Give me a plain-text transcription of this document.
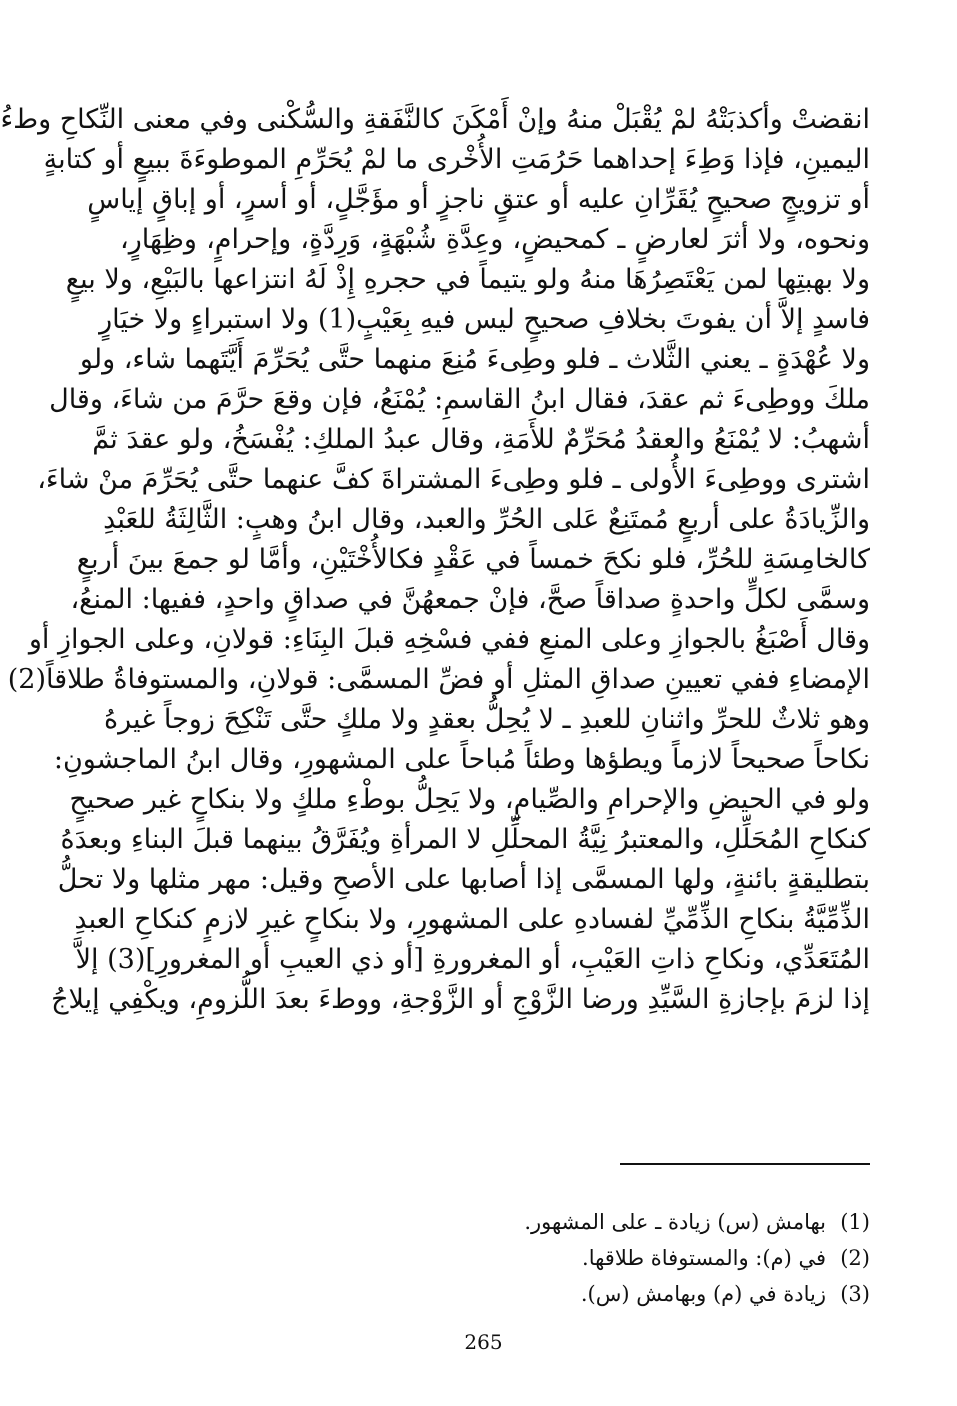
انقضتْ وأكذبَتْهُ لمْ يُقْبَلْ منهُ وإنْ أَمْكَنَ كالنَّفَقةِ والسُّكْنى وفي معنى النِّكاحِ وطءُ
اليمينِ، فإذا وَطِءَ إحداهما حَرُمَتِ الأُخْرى ما لمْ يُحَرِّمِ الموطوءَةَ ببيعٍ أو كتابةٍ
أو تزويجٍ صحيحٍ يُقَرِّانِ عليه أو عتقٍ ناجزٍ أو مؤَجَّلٍ، أو أسرٍ، أو إباقٍ إياسٍ
ونحوه، ولا أثرَ لعارضٍ ـ كمحيضٍ، وعِدَّةِ شُبْهَةٍ، وَرِدَّةٍ، وإحرامٍ، وظِهَارٍ،
ولا بهبتِها لمن يَعْتَصِرُهَا منهُ ولو يتيماً في حجرهِ إِذْ لَهُ انتزاعها بالبَيْعِ، ولا بيعٍ
فاسدٍ إلاَّ أن يفوتَ بخلافِ صحيحٍ ليس فيهِ بِعَيْبٍ(1) ولا استبراءٍ ولا خيَارٍ
ولا عُهْدَةٍ ـ يعني الثَّلاث ـ فلو وطِىءَ مُنِعَ منهما حتَّى يُحَرِّمَ أَيَّتَهما شاء، ولو
ملكَ ووطِىءَ ثم عقدَ، فقال ابنُ القاسمِ: يُمْنَعُ، فإن وقعَ حرَّمَ من شاءَ، وقال
أشهبُ: لا يُمْنَعُ والعقدُ مُحَرِّمٌ للأَمَةِ، وقال عبدُ الملكِ: يُفْسَخُ، ولو عقدَ ثمَّ
اشترى ووطِىءَ الأُولى ـ فلو وطِىءَ المشتراةَ كفَّ عنهما حتَّى يُحَرِّمَ منْ شاءَ،
والزِّيادَةُ على أربعٍ مُمتَنِعٌ عَلى الحُرِّ والعبد، وقال ابنُ وهبٍ: الثَّالِثَةُ للعَبْدِ
كالخامِسَةِ للحُرِّ، فلو نكحَ خمساً في عَقْدٍ فكالأُخْتَيْنِ، وأمَّا لو جمعَ بينَ أربعٍ
وسمَّى لكلٍّ واحدةٍ صداقاً صحَّ، فإنْ جمعهُنَّ في صداقٍ واحدٍ، ففيها: المنعُ،
وقال أَصْبَغُ بالجوازِ وعلى المنعِ ففي فسْخِهِ قبلَ البِنَاءِ: قولانِ، وعلى الجوازِ أو
الإمضاءِ ففي تعيينِ صداقِ المثلِ أو فضِّ المسمَّى: قولانِ، والمستوفاةُ طلاقاً(2)
وهو ثلاثٌ للحرِّ واثنانِ للعبدِ ـ لا يُحِلُّ بعقدٍ ولا ملكٍ حتَّى تَنْكِحَ زوجاً غيرهُ
نكاحاً صحيحاً لازماً ويطؤها وطئاً مُباحاً على المشهورِ، وقال ابنُ الماجشونِ:
ولو في الحيضِ والإحرامِ والصِّيامِ، ولا يَحِلُّ بوطْءِ ملكٍ ولا بنكاحٍ غير صحيحٍ
كنكاحِ المُحَلِّلِ، والمعتبرُ نِيَّةُ المحلِّلِ لا المرأةِ ويُفَرَّقُ بينهما قبلَ البناءِ وبعدَهُ
بتطليقةٍ بائنةٍ، ولها المسمَّى إذا أصابها على الأصحِ وقيل: مهر مثلها ولا تحلُّ
الذِّمِّيَّةُ بنكاحِ الذِّمِّيِّ لفسادهِ على المشهورِ، ولا بنكاحٍ غيرِ لازمٍ كنكاحِ العبدِ
المُتَعَدِّي، ونكاحِ ذاتِ العَيْبِ، أو المغرورةِ [أو ذي العيبِ أو المغرورِ](3) إلاَّ
إذا لزمَ بإجازةِ السَّيِّدِ ورضا الزَّوْجِ أو الزَّوْجةِ، ووطءَ بعدَ اللُّزومِ، ويكْفِي إيلاجُ
(1)بهامش (س) زيادة ـ على المشهور.
(2)في (م): والمستوفاة طلاقها.
(3)زيادة في (م) وبهامش (س).
265
